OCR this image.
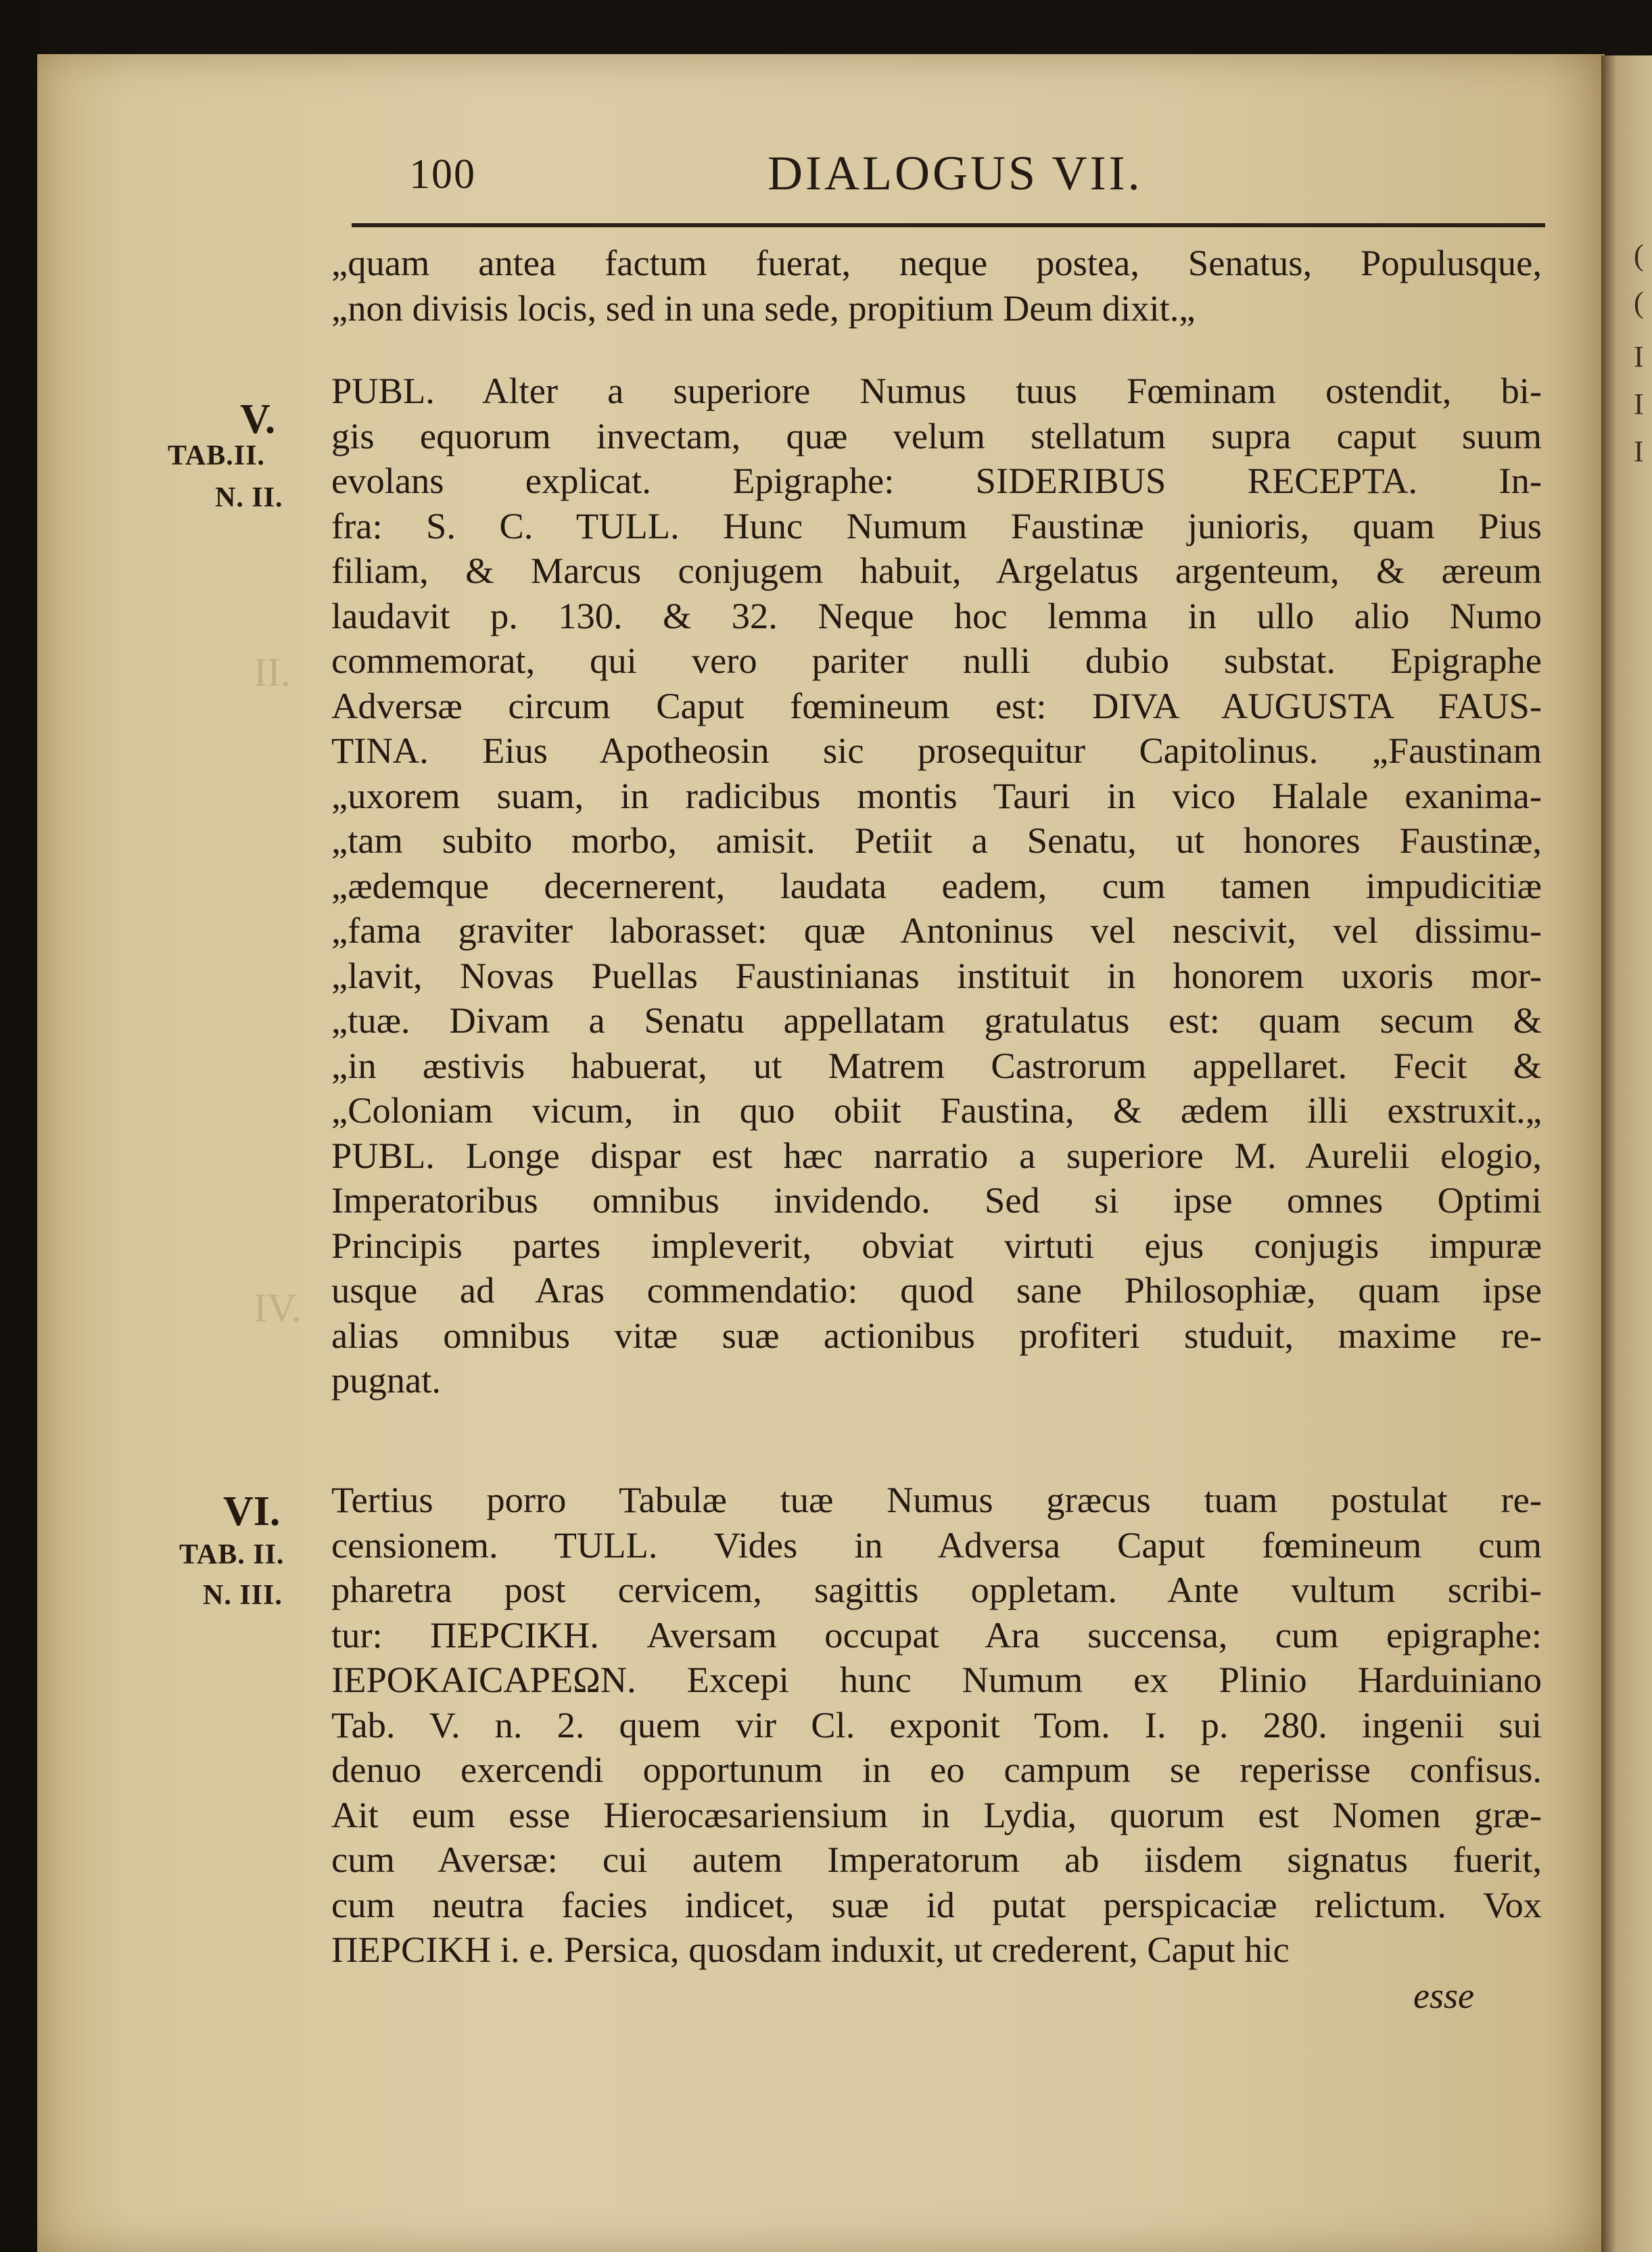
(
(
I
I
I
100	DIALOGUS VII.
„quam antea factum fuerat, neque postea, Senatus, Populusque,
„non divisis locis, sed in una sede, propitium Deum dixit.„
V.
TAB.II.
N. II.
PUBL. Alter a superiore Numus tuus Fœminam ostendit, bi-
gis equorum invectam, quæ velum stellatum supra caput suum
evolans explicat. Epigraphe: SIDERIBUS RECEPTA. In-
fra: S. C. TULL. Hunc Numum Faustinæ junioris, quam Pius
filiam, & Marcus conjugem habuit, Argelatus argenteum, & æreum
laudavit p. 130. & 32. Neque hoc lemma in ullo alio Numo
commemorat, qui vero pariter nulli dubio substat. Epigraphe
Adversæ circum Caput fœmineum est: DIVA AUGUSTA FAUS-
TINA. Eius Apotheosin sic prosequitur Capitolinus. „Faustinam
„uxorem suam, in radicibus montis Tauri in vico Halale exanima-
„tam subito morbo, amisit. Petiit a Senatu, ut honores Faustinæ,
„ædemque decernerent, laudata eadem, cum tamen impudicitiæ
„fama graviter laborasset: quæ Antoninus vel nescivit, vel dissimu-
„lavit, Novas Puellas Faustinianas instituit in honorem uxoris mor-
„tuæ. Divam a Senatu appellatam gratulatus est: quam secum &
„in æstivis habuerat, ut Matrem Castrorum appellaret. Fecit &
„Coloniam vicum, in quo obiit Faustina, & ædem illi exstruxit.„
PUBL. Longe dispar est hæc narratio a superiore M. Aurelii elogio,
Imperatoribus omnibus invidendo. Sed si ipse omnes Optimi
Principis partes impleverit, obviat virtuti ejus conjugis impuræ
usque ad Aras commendatio: quod sane Philosophiæ, quam ipse
alias omnibus vitæ suæ actionibus profiteri studuit, maxime re-
pugnat.
VI.
TAB. II.
N. III.
Tertius porro Tabulæ tuæ Numus græcus tuam postulat re-
censionem. TULL. Vides in Adversa Caput fœmineum cum
pharetra post cervicem, sagittis oppletam. Ante vultum scribi-
tur: ΠΕΡCΙΚΗ. Aversam occupat Ara succensa, cum epigraphe:
ΙΕΡΟΚΑΙCΑΡΕΩΝ. Excepi hunc Numum ex Plinio Harduiniano
Tab. V. n. 2. quem vir Cl. exponit Tom. I. p. 280. ingenii sui
denuo exercendi opportunum in eo campum se reperisse confisus.
Ait eum esse Hierocæsariensium in Lydia, quorum est Nomen græ-
cum Aversæ: cui autem Imperatorum ab iisdem signatus fuerit,
cum neutra facies indicet, suæ id putat perspicaciæ relictum. Vox
ΠΕΡCΙΚΗ i. e. Persica, quosdam induxit, ut crederent, Caput hic
esse
II.
IV.
